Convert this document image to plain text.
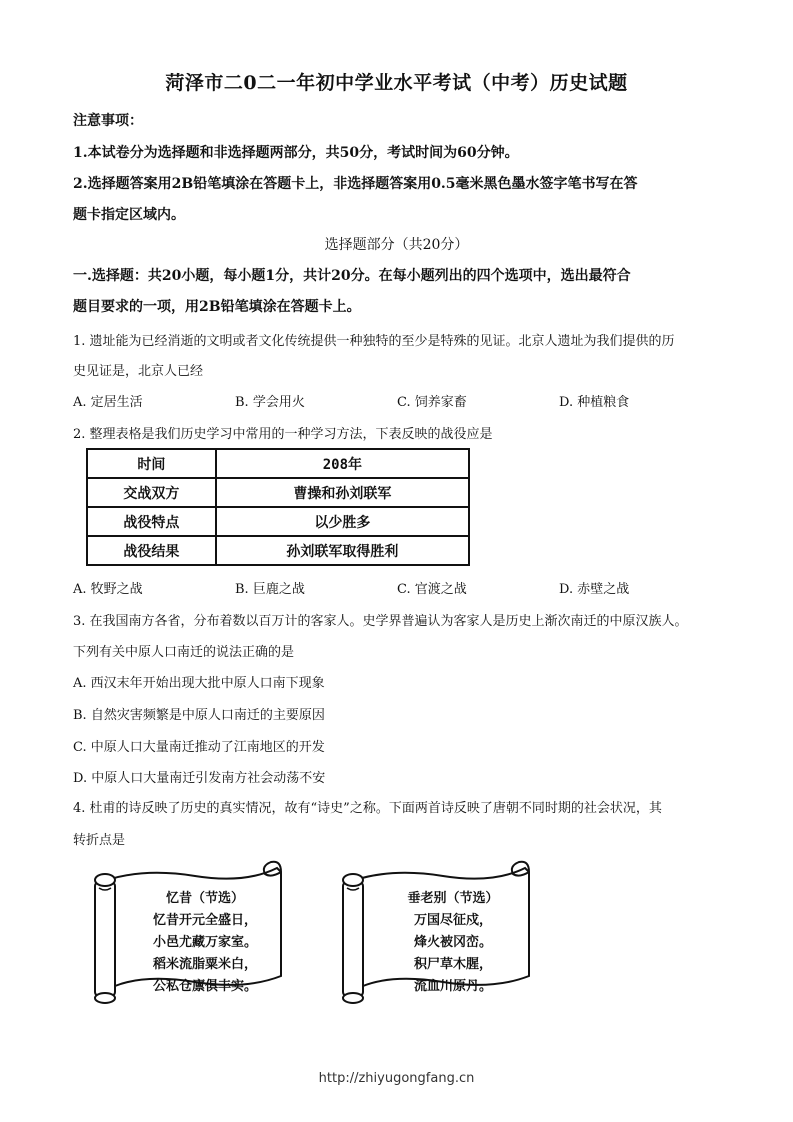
菏泽市二0二一年初中学业水平考试（中考）历史试题
注意事项：
1.本试卷分为选择题和非选择题两部分，共50分，考试时间为60分钟。
2.选择题答案用2B铅笔填涂在答题卡上，非选择题答案用0.5毫米黑色墨水签字笔书写在答
题卡指定区域内。
选择题部分（共20分）
一.选择题：共20小题，每小题1分，共计20分。在每小题列出的四个选项中，选出最符合
题目要求的一项，用2B铅笔填涂在答题卡上。
1. 遗址能为已经消逝的文明或者文化传统提供一种独特的至少是特殊的见证。北京人遗址为我们提供的历
史见证是，北京人已经
A. 定居生活	B. 学会用火	C. 饲养家畜	D. 种植粮食
2. 整理表格是我们历史学习中常用的一种学习方法，下表反映的战役应是
时间	208年
交战双方	曹操和孙刘联军
战役特点	以少胜多
战役结果	孙刘联军取得胜利
A. 牧野之战	B. 巨鹿之战	C. 官渡之战	D. 赤壁之战
3. 在我国南方各省，分布着数以百万计的客家人。史学界普遍认为客家人是历史上渐次南迁的中原汉族人。
下列有关中原人口南迁的说法正确的是
A. 西汉末年开始出现大批中原人口南下现象
B. 自然灾害频繁是中原人口南迁的主要原因
C. 中原人口大量南迁推动了江南地区的开发
D. 中原人口大量南迁引发南方社会动荡不安
4. 杜甫的诗反映了历史的真实情况，故有“诗史”之称。下面两首诗反映了唐朝不同时期的社会状况，其
转折点是
忆昔（节选）
忆昔开元全盛日，
小邑尤藏万家室。
稻米流脂粟米白，
公私仓廪俱丰实。
垂老别（节选）
万国尽征戍，
烽火被冈峦。
积尸草木腥，
流血川原丹。
http://zhiyugongfang.cn
